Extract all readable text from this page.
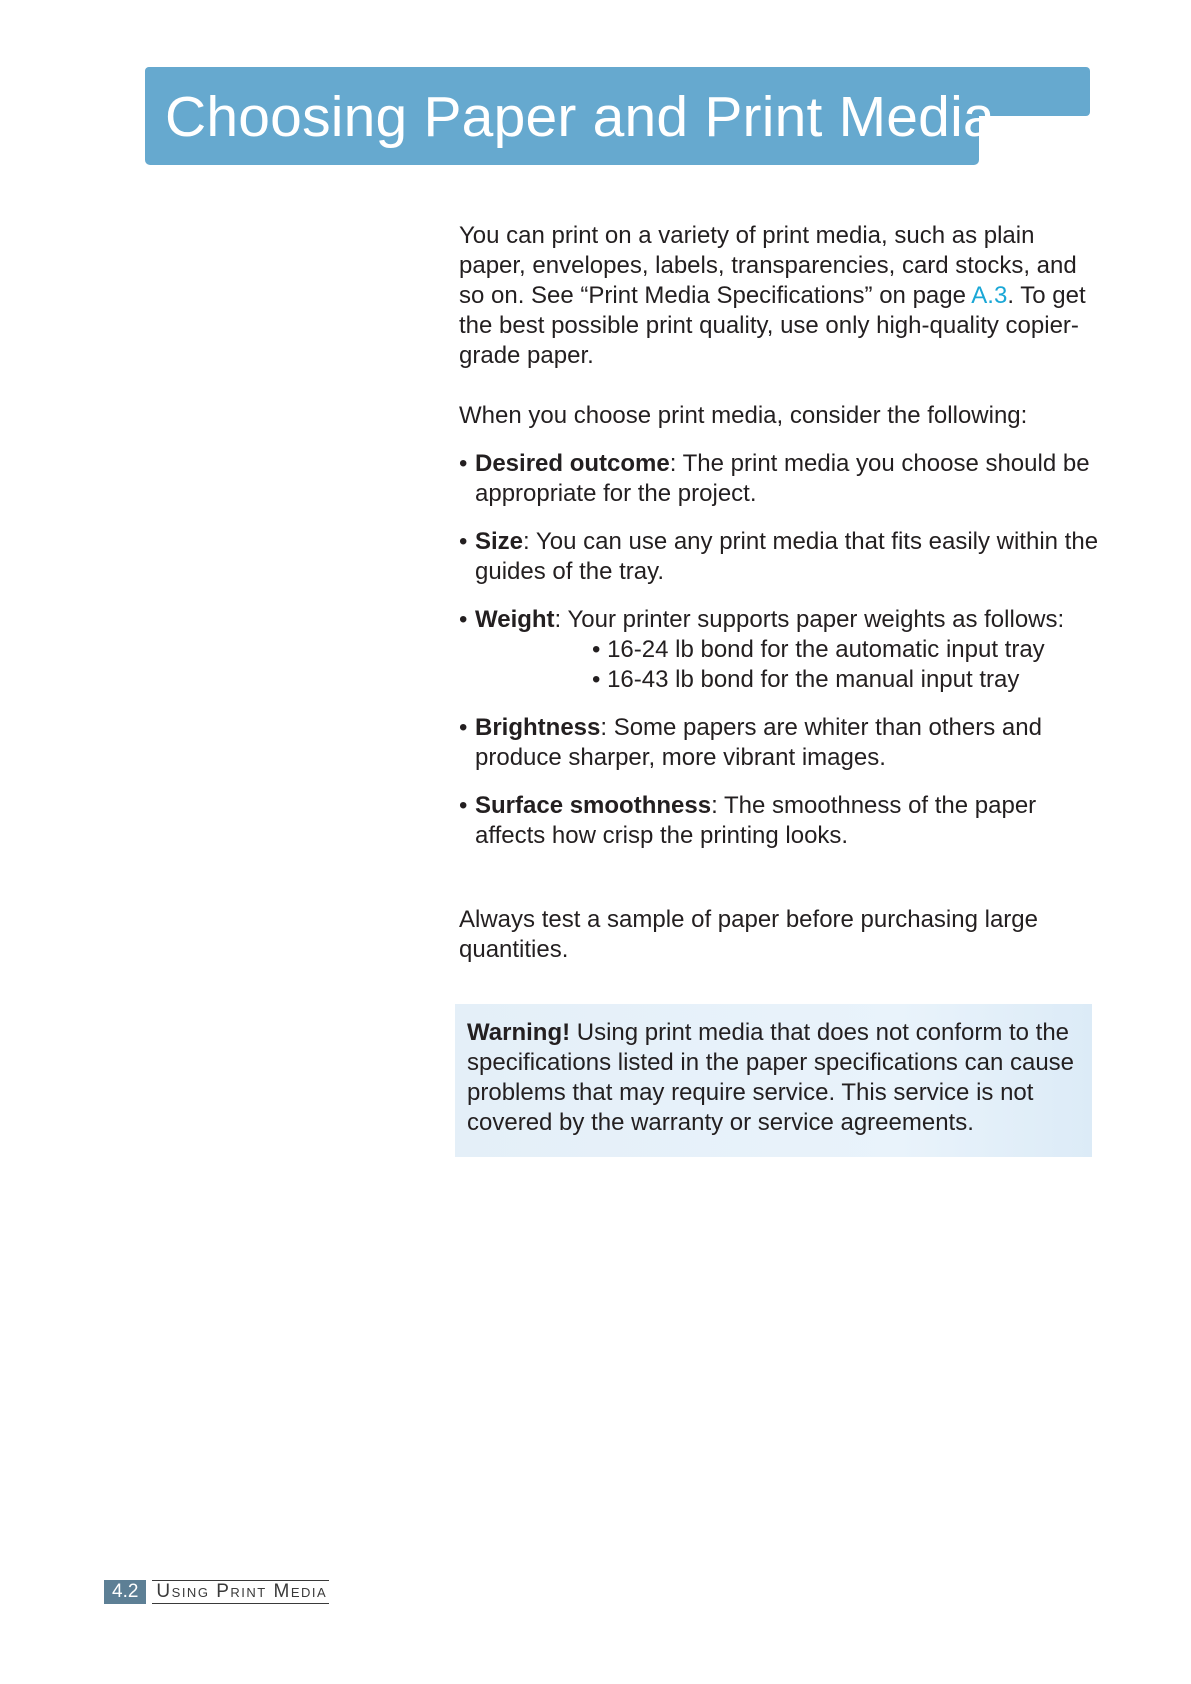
Choosing Paper and Print Media

You can print on a variety of print media, such as plain paper, envelopes, labels, transparencies, card stocks, and so on. See “Print Media Specifications” on page A.3. To get the best possible print quality, use only high-quality copier-grade paper.

When you choose print media, consider the following:

• Desired outcome: The print media you choose should be appropriate for the project.
• Size: You can use any print media that fits easily within the guides of the tray.
• Weight: Your printer supports paper weights as follows:
• 16-24 lb bond for the automatic input tray
• 16-43 lb bond for the manual input tray
• Brightness: Some papers are whiter than others and produce sharper, more vibrant images.
• Surface smoothness: The smoothness of the paper affects how crisp the printing looks.

Always test a sample of paper before purchasing large quantities.

Warning! Using print media that does not conform to the specifications listed in the paper specifications can cause problems that may require service. This service is not covered by the warranty or service agreements.

4.2 Using Print Media
